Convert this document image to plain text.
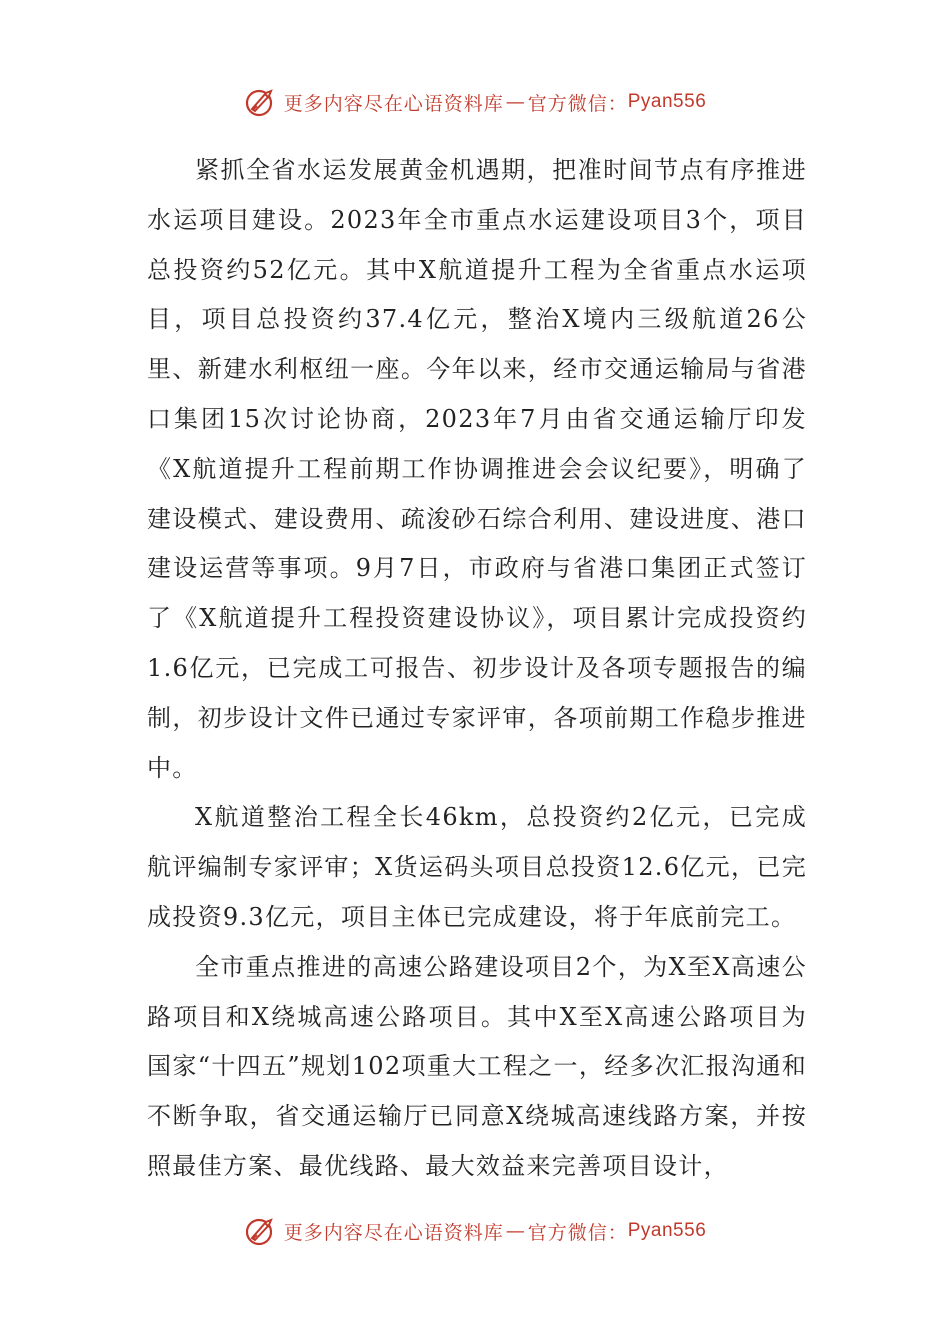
更多内容尽在心语资料库 — 官方微信： Pyan556

紧抓全省水运发展黄金机遇期，把准时间节点有序推进水运项目建设。2023年全市重点水运建设项目3个，项目总投资约52亿元。其中X航道提升工程为全省重点水运项目，项目总投资约37.4亿元，整治X境内三级航道26公里、新建水利枢纽一座。今年以来，经市交通运输局与省港口集团15次讨论协商，2023年7月由省交通运输厅印发《X航道提升工程前期工作协调推进会会议纪要》，明确了建设模式、建设费用、疏浚砂石综合利用、建设进度、港口建设运营等事项。9月7日，市政府与省港口集团正式签订了《X航道提升工程投资建设协议》，项目累计完成投资约1.6亿元，已完成工可报告、初步设计及各项专题报告的编制，初步设计文件已通过专家评审，各项前期工作稳步推进中。

X航道整治工程全长46km，总投资约2亿元，已完成航评编制专家评审；X货运码头项目总投资12.6亿元，已完成投资9.3亿元，项目主体已完成建设，将于年底前完工。

全市重点推进的高速公路建设项目2个，为X至X高速公路项目和X绕城高速公路项目。其中X至X高速公路项目为国家“十四五”规划102项重大工程之一，经多次汇报沟通和不断争取，省交通运输厅已同意X绕城高速线路方案，并按照最佳方案、最优线路、最大效益来完善项目设计，

更多内容尽在心语资料库 — 官方微信： Pyan556
